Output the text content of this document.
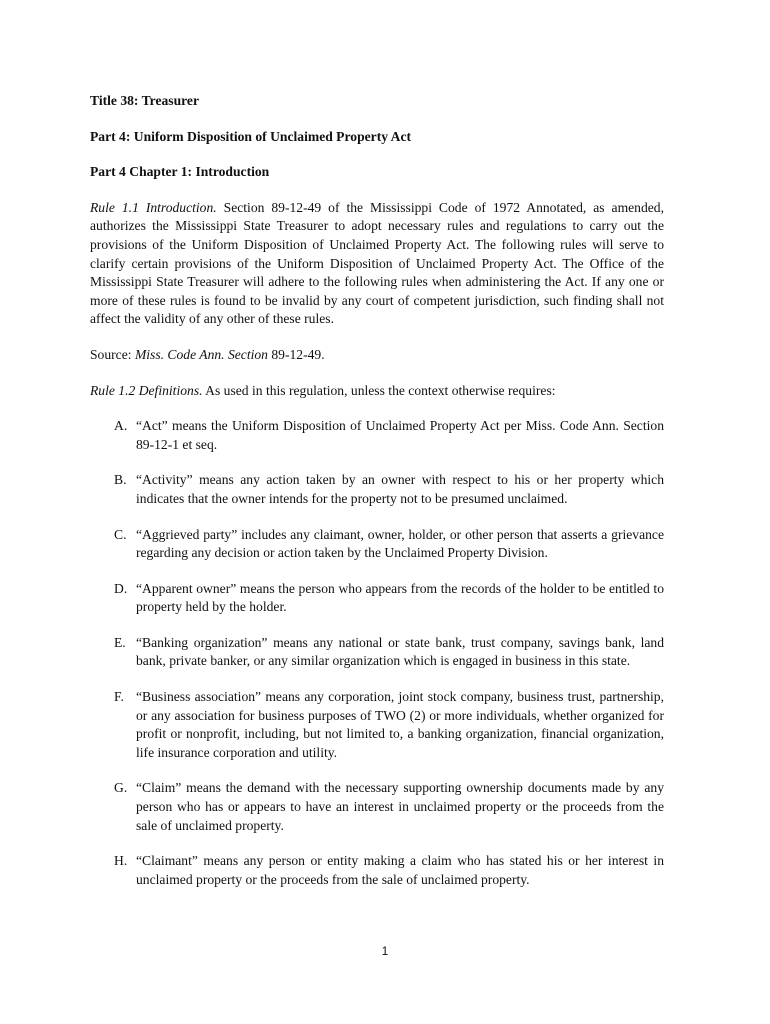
Title 38: Treasurer
Part 4: Uniform Disposition of Unclaimed Property Act
Part 4 Chapter 1: Introduction

Rule 1.1 Introduction. Section 89-12-49 of the Mississippi Code of 1972 Annotated, as amended, authorizes the Mississippi State Treasurer to adopt necessary rules and regulations to carry out the provisions of the Uniform Disposition of Unclaimed Property Act. The following rules will serve to clarify certain provisions of the Uniform Disposition of Unclaimed Property Act. The Office of the Mississippi State Treasurer will adhere to the following rules when administering the Act. If any one or more of these rules is found to be invalid by any court of competent jurisdiction, such finding shall not affect the validity of any other of these rules.

Source: Miss. Code Ann. Section 89-12-49.

Rule 1.2 Definitions. As used in this regulation, unless the context otherwise requires:

A. “Act” means the Uniform Disposition of Unclaimed Property Act per Miss. Code Ann. Section 89-12-1 et seq.
B. “Activity” means any action taken by an owner with respect to his or her property which indicates that the owner intends for the property not to be presumed unclaimed.
C. “Aggrieved party” includes any claimant, owner, holder, or other person that asserts a grievance regarding any decision or action taken by the Unclaimed Property Division.
D. “Apparent owner” means the person who appears from the records of the holder to be entitled to property held by the holder.
E. “Banking organization” means any national or state bank, trust company, savings bank, land bank, private banker, or any similar organization which is engaged in business in this state.
F. “Business association” means any corporation, joint stock company, business trust, partnership, or any association for business purposes of TWO (2) or more individuals, whether organized for profit or nonprofit, including, but not limited to, a banking organization, financial organization, life insurance corporation and utility.
G. “Claim” means the demand with the necessary supporting ownership documents made by any person who has or appears to have an interest in unclaimed property or the proceeds from the sale of unclaimed property.
H. “Claimant” means any person or entity making a claim who has stated his or her interest in unclaimed property or the proceeds from the sale of unclaimed property.
1
